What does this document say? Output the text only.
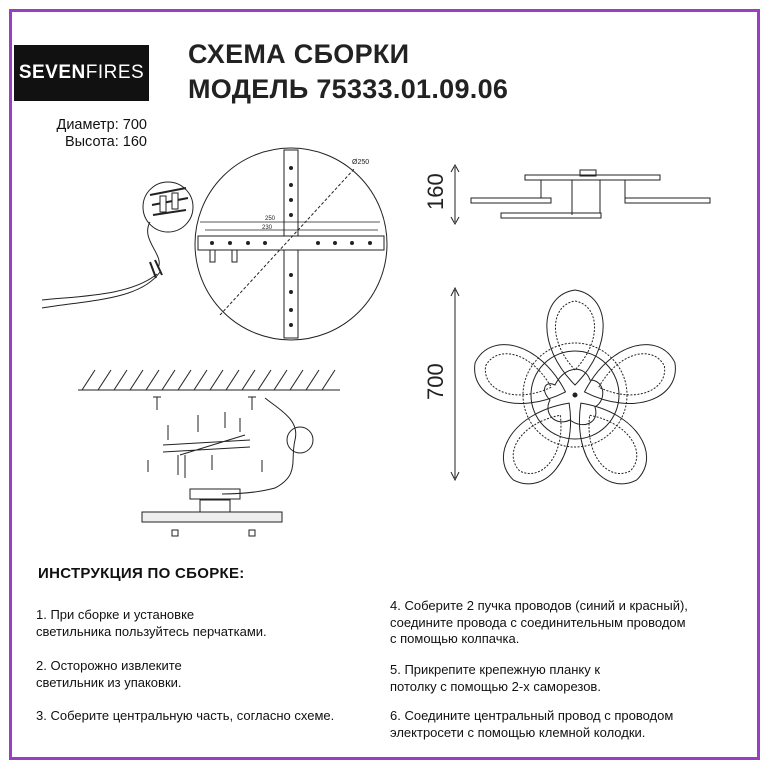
SEVEN FIRES
СХЕМА СБОРКИ
МОДЕЛЬ 75333.01.09.06
Диаметр: 700
Высота: 160
Ø250
250
230
160
700
ИНСТРУКЦИЯ ПО СБОРКЕ:
1. При сборке и установке
светильника пользуйтесь перчатками.
2. Осторожно извлеките
светильник из упаковки.
3. Соберите центральную часть, согласно схеме.
4. Соберите 2 пучка проводов (синий и красный),
соедините провода с соединительным проводом
с помощью колпачка.
5. Прикрепите крепежную планку к
потолку с помощью 2-х саморезов.
6. Соедините центральный провод с проводом
электросети с помощью клемной колодки.
